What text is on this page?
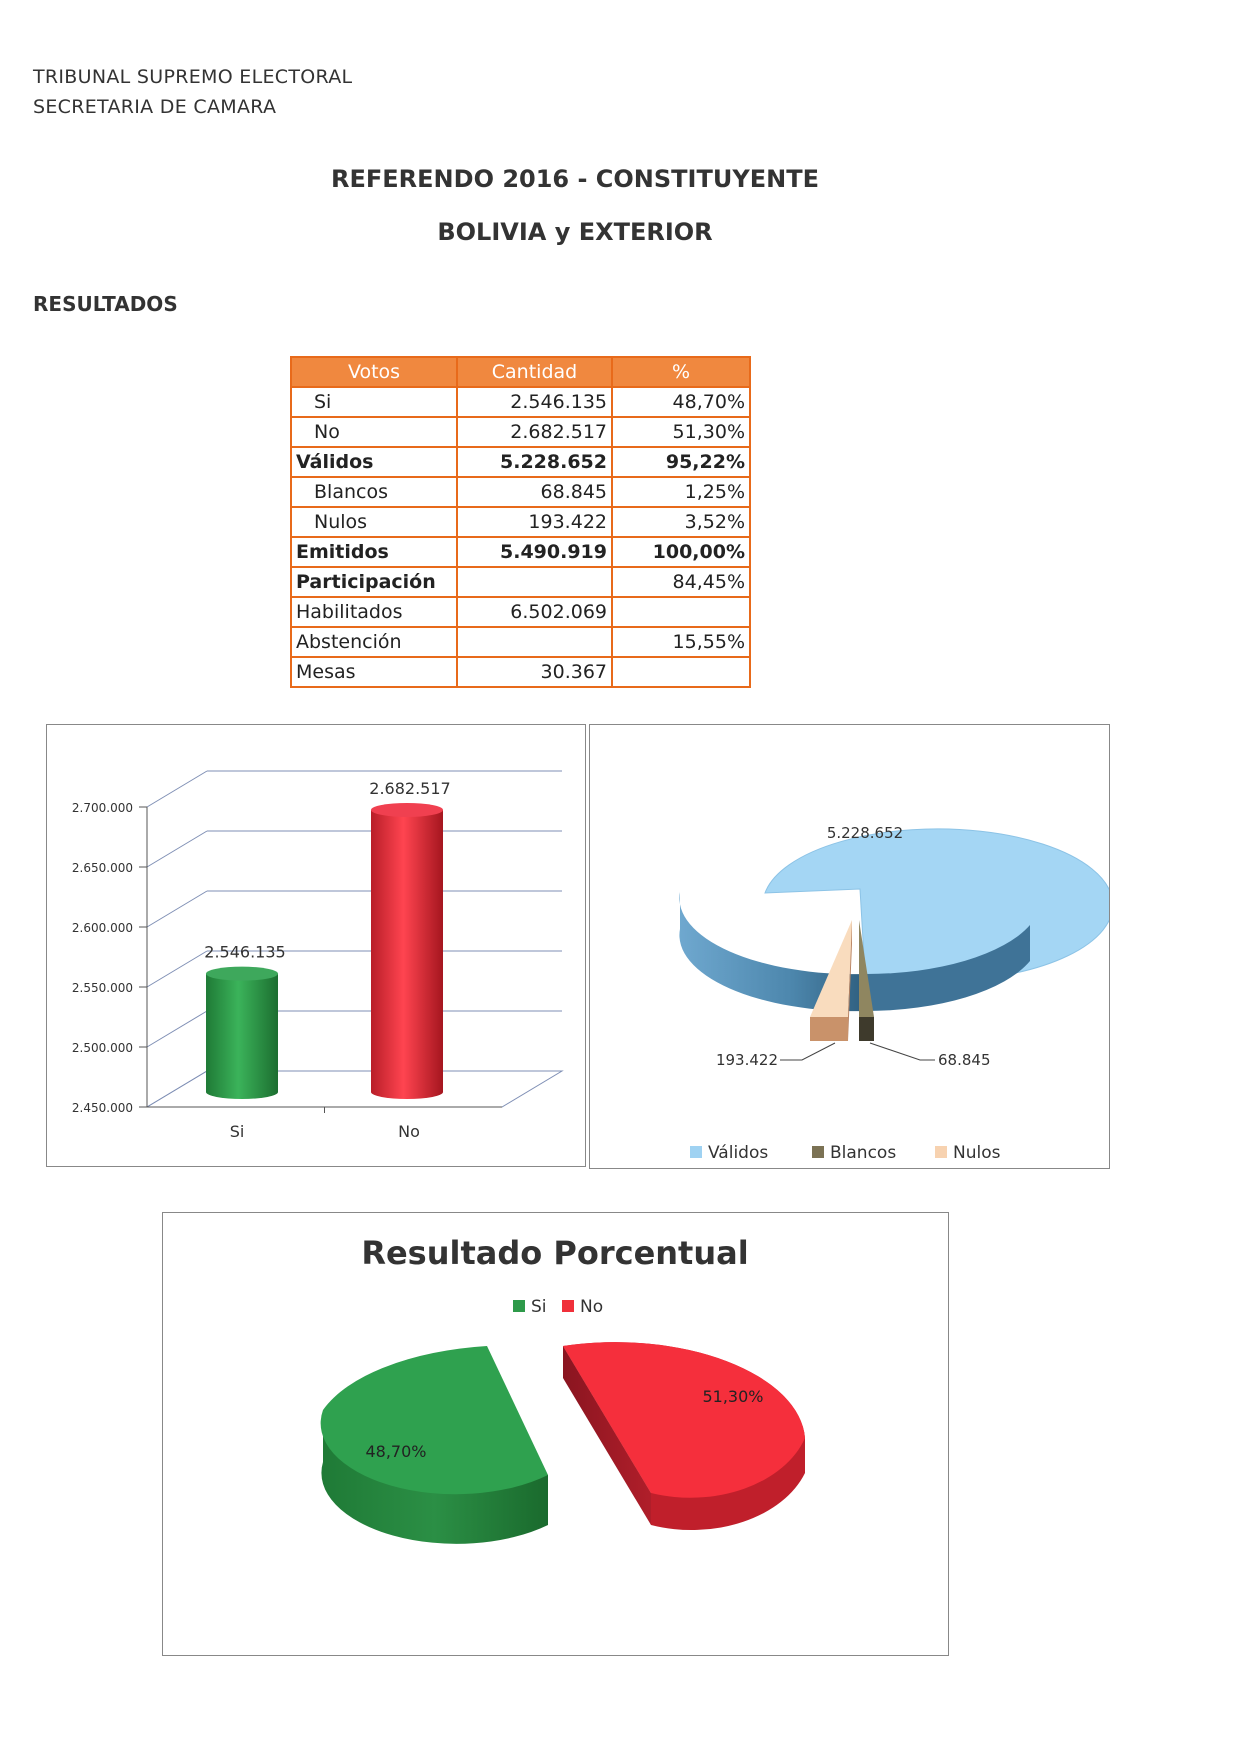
TRIBUNAL SUPREMO ELECTORAL
SECRETARIA DE CAMARA
REFERENDO 2016 - CONSTITUYENTE
BOLIVIA y EXTERIOR
RESULTADOS
Votos	Cantidad	%
Si	2.546.135	48,70%
No	2.682.517	51,30%
Válidos	5.228.652	95,22%
Blancos	68.845	1,25%
Nulos	193.422	3,52%
Emitidos	5.490.919	100,00%
Participación		84,45%
Habilitados	6.502.069	
Abstención		15,55%
Mesas	30.367	
2.450.000
2.500.000
2.550.000
2.600.000
2.650.000
2.700.000
2.546.135
2.682.517
Si	No
5.228.652
193.422	68.845
Válidos	Blancos	Nulos
Resultado Porcentual
Si No
48,70%
51,30%
